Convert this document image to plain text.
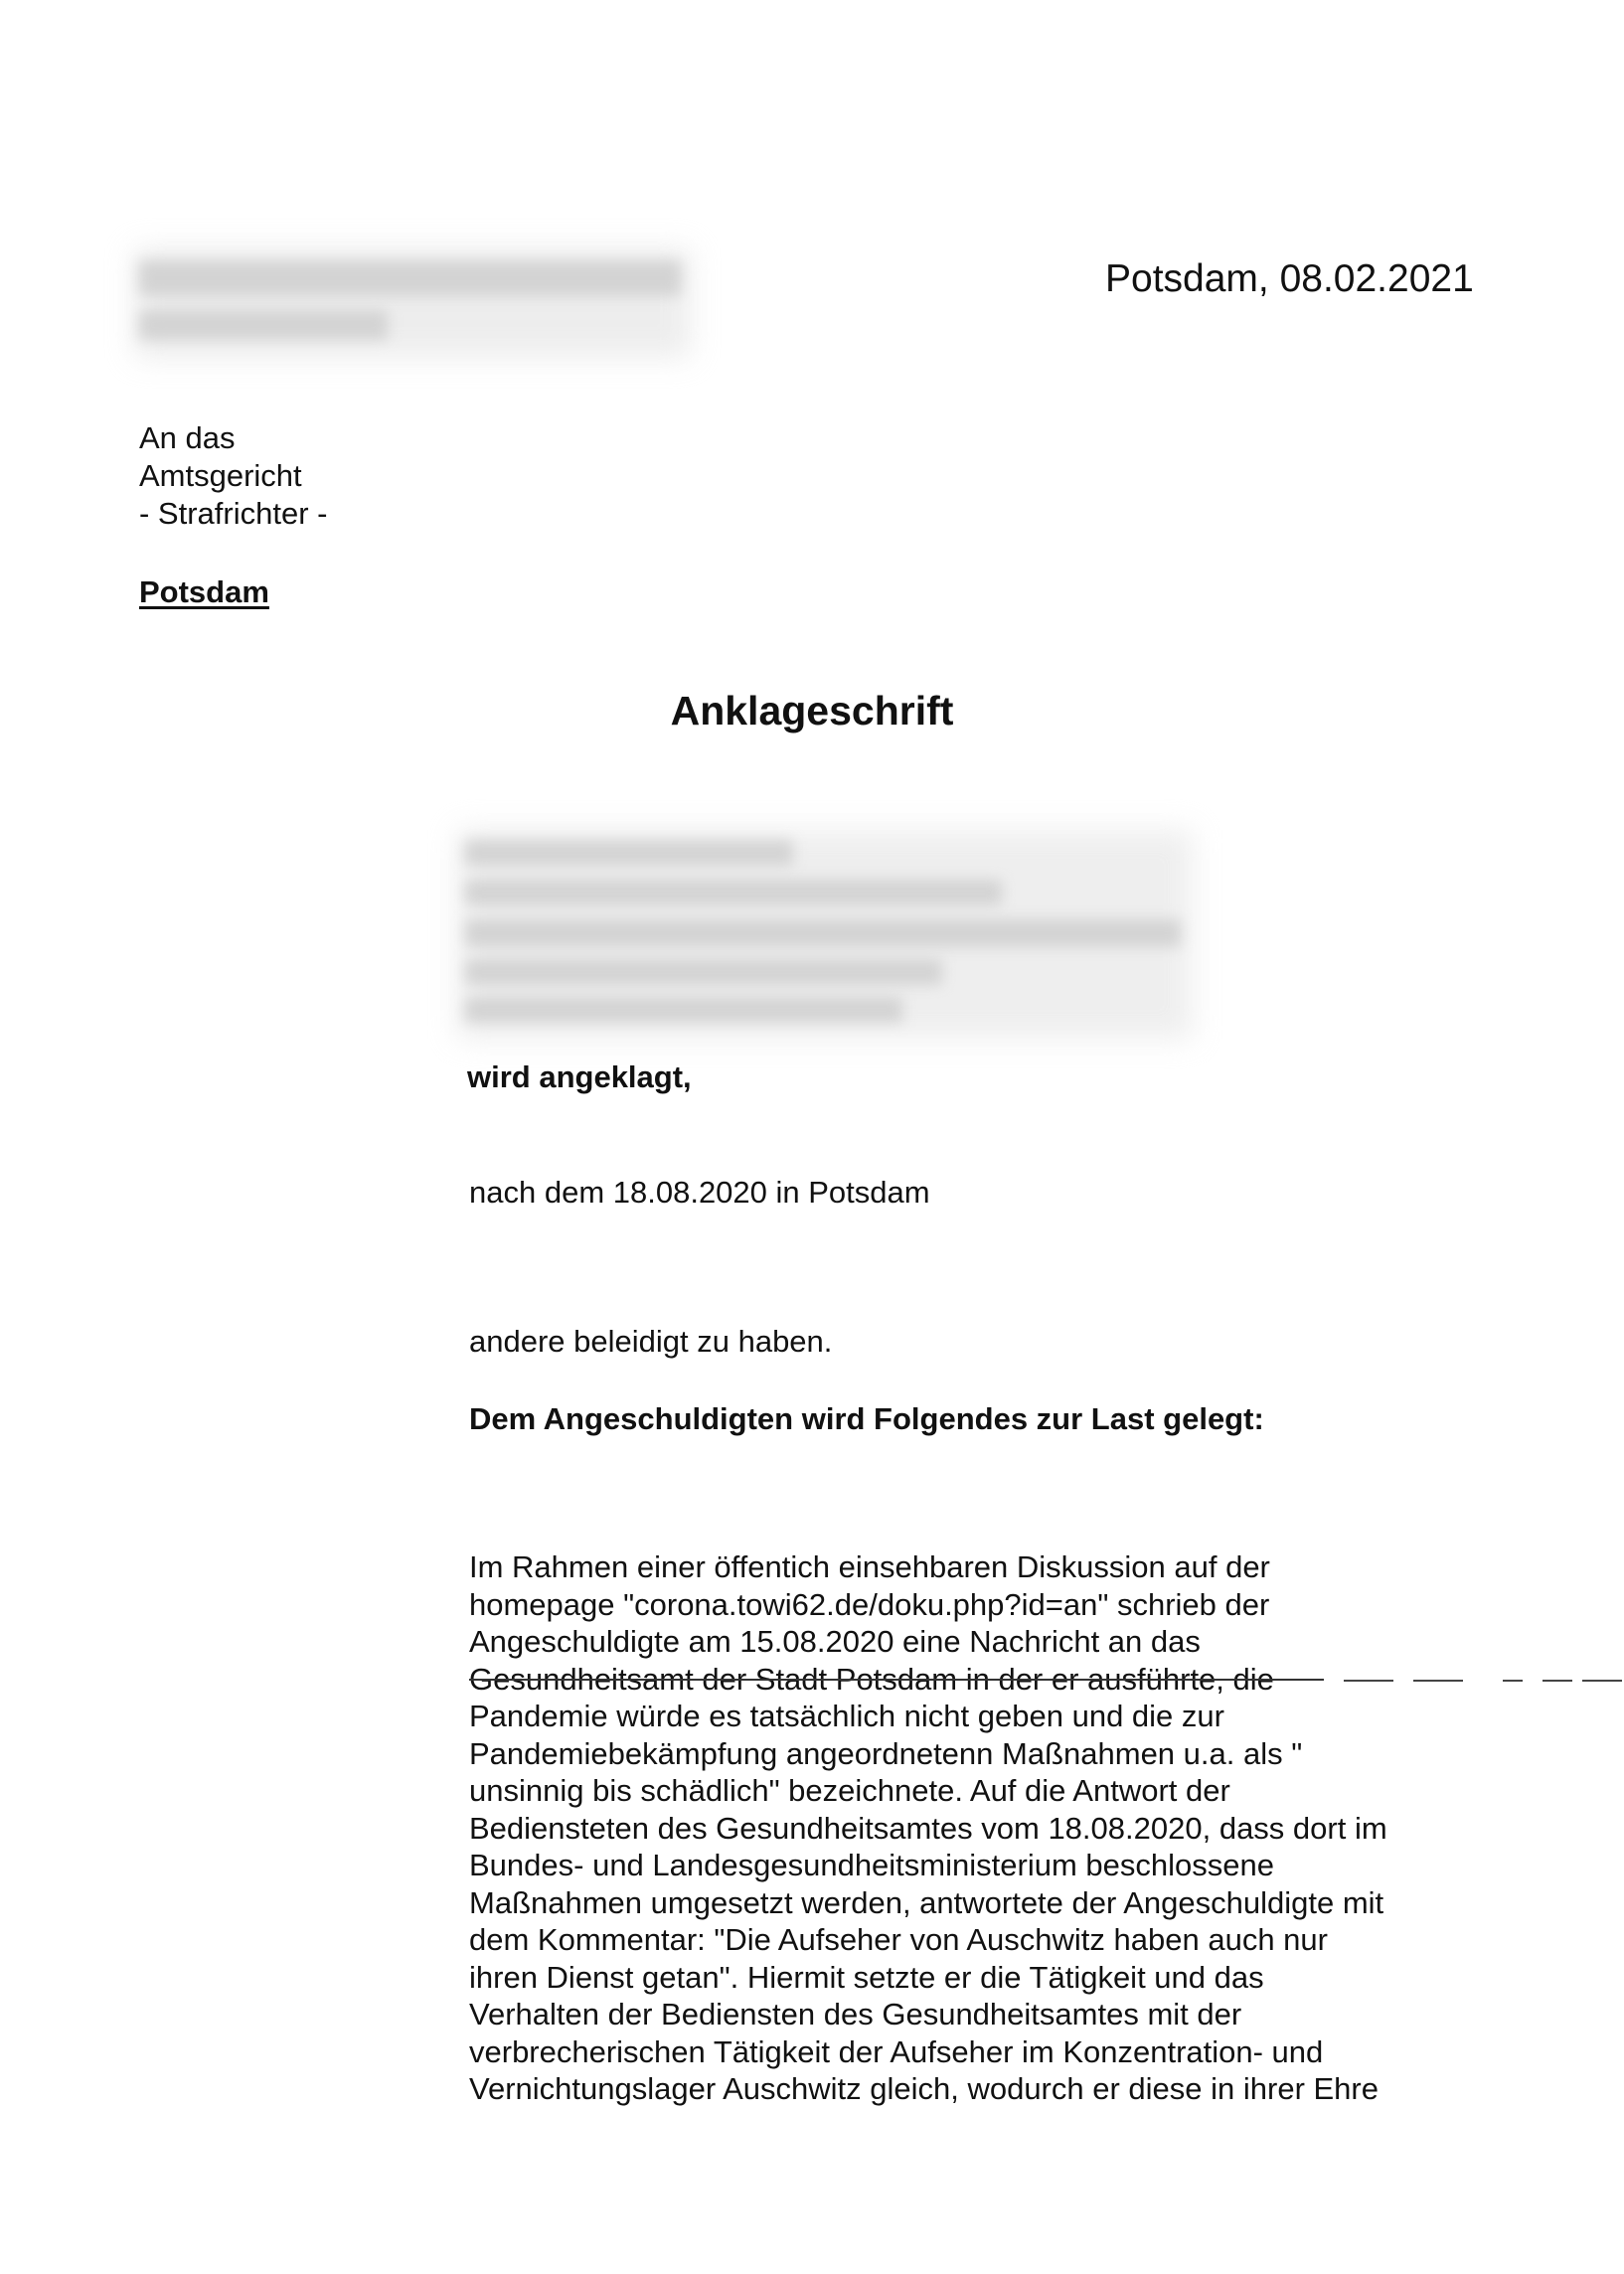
Potsdam, 08.02.2021
An das
Amtsgericht
- Strafrichter -
Potsdam
Anklageschrift
wird angeklagt,
nach dem 18.08.2020 in Potsdam
andere beleidigt zu haben.
Dem Angeschuldigten wird Folgendes zur Last gelegt:
Im Rahmen einer öffentich einsehbaren Diskussion auf der
homepage "corona.towi62.de/doku.php?id=an" schrieb der
Angeschuldigte am 15.08.2020 eine Nachricht an das
Gesundheitsamt der Stadt Potsdam in der er ausführte, die
Pandemie würde es tatsächlich nicht geben und die zur
Pandemiebekämpfung angeordnetenn Maßnahmen u.a. als "
unsinnig bis schädlich" bezeichnete. Auf die Antwort der
Bediensteten des Gesundheitsamtes vom 18.08.2020, dass dort im
Bundes- und Landesgesundheitsministerium beschlossene
Maßnahmen umgesetzt werden, antwortete der Angeschuldigte mit
dem Kommentar: "Die Aufseher von Auschwitz haben auch nur
ihren Dienst getan". Hiermit setzte er die Tätigkeit und das
Verhalten der Bediensten des Gesundheitsamtes mit der
verbrecherischen Tätigkeit der Aufseher im Konzentration- und
Vernichtungslager Auschwitz gleich, wodurch er diese in ihrer Ehre
